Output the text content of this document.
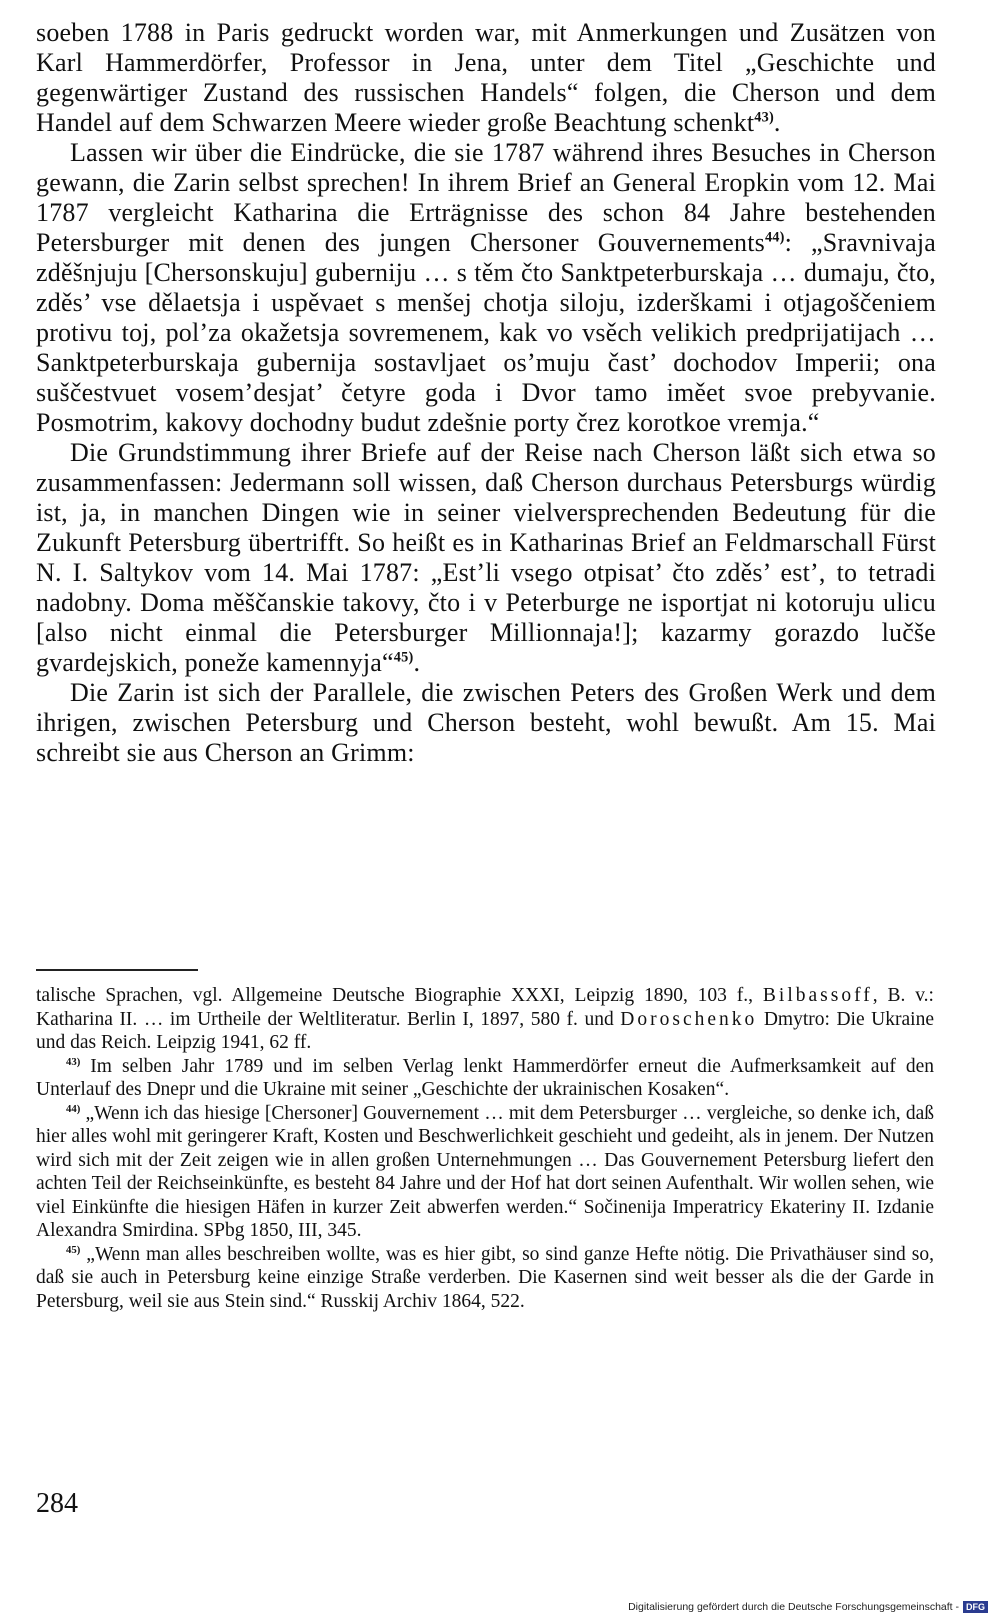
soeben 1788 in Paris gedruckt worden war, mit Anmerkungen und Zusätzen von Karl Hammerdörfer, Professor in Jena, unter dem Titel „Geschichte und gegenwärtiger Zustand des russischen Handels“ folgen, die Cherson und dem Handel auf dem Schwarzen Meere wieder große Beachtung schenkt$^{43)}$.

Lassen wir über die Eindrücke, die sie 1787 während ihres Besuches in Cherson gewann, die Zarin selbst sprechen! In ihrem Brief an General Eropkin vom 12. Mai 1787 vergleicht Katharina die Erträgnisse des schon 84 Jahre bestehenden Petersburger mit denen des jungen Chersoner Gouvernements$^{44)}$: „Sravnivaja zděšnjuju [Chersonskuju] guberniju … s těm čto Sanktpeterburskaja … dumaju, čto, zděs’ vse dělaetsja i uspěvaet s menšej chotja siloju, izderškami i otjagoščeniem protivu toj, pol’za okažetsja sovremenem, kak vo vsěch velikich predprijatijach … Sanktpeterburskaja gubernija sostavljaet os’muju čast’ dochodov Imperii; ona suščestvuet vosem’desjat’ četyre goda i Dvor tamo iměet svoe prebyvanie. Posmotrim, kakovy dochodny budut zdešnie porty črez korotkoe vremja.“

Die Grundstimmung ihrer Briefe auf der Reise nach Cherson läßt sich etwa so zusammenfassen: Jedermann soll wissen, daß Cherson durchaus Petersburgs würdig ist, ja, in manchen Dingen wie in seiner vielversprechenden Bedeutung für die Zukunft Petersburg übertrifft. So heißt es in Katharinas Brief an Feldmarschall Fürst N. I. Saltykov vom 14. Mai 1787: „Est’li vsego otpisat’ čto zděs’ est’, to tetradi nadobny. Doma měščanskie takovy, čto i v Peterburge ne isportjat ni kotoruju ulicu [also nicht einmal die Petersburger Millionnaja!]; kazarmy gorazdo lučše gvardejskich, poneže kamennyja“$^{45)}$.

Die Zarin ist sich der Parallele, die zwischen Peters des Großen Werk und dem ihrigen, zwischen Petersburg und Cherson besteht, wohl bewußt. Am 15. Mai schreibt sie aus Cherson an Grimm:

talische Sprachen, vgl. Allgemeine Deutsche Biographie XXXI, Leipzig 1890, 103 f., Bilbassoff, B. v.: Katharina II. … im Urtheile der Weltliteratur. Berlin I, 1897, 580 f. und Doroschenko Dmytro: Die Ukraine und das Reich. Leipzig 1941, 62 ff.

$^{43)}$ Im selben Jahr 1789 und im selben Verlag lenkt Hammerdörfer erneut die Aufmerksamkeit auf den Unterlauf des Dnepr und die Ukraine mit seiner „Geschichte der ukrainischen Kosaken“.

$^{44)}$ „Wenn ich das hiesige [Chersoner] Gouvernement … mit dem Petersburger … vergleiche, so denke ich, daß hier alles wohl mit geringerer Kraft, Kosten und Beschwerlichkeit geschieht und gedeiht, als in jenem. Der Nutzen wird sich mit der Zeit zeigen wie in allen großen Unternehmungen … Das Gouvernement Petersburg liefert den achten Teil der Reichseinkünfte, es besteht 84 Jahre und der Hof hat dort seinen Aufenthalt. Wir wollen sehen, wie viel Einkünfte die hiesigen Häfen in kurzer Zeit abwerfen werden.“ Sočinenija Imperatricy Ekateriny II. Izdanie Alexandra Smirdina. SPbg 1850, III, 345.

$^{45)}$ „Wenn man alles beschreiben wollte, was es hier gibt, so sind ganze Hefte nötig. Die Privathäuser sind so, daß sie auch in Petersburg keine einzige Straße verderben. Die Kasernen sind weit besser als die der Garde in Petersburg, weil sie aus Stein sind.“ Russkij Archiv 1864, 522.

284
Digitalisierung gefördert durch die Deutsche Forschungsgemeinschaft - DFG
